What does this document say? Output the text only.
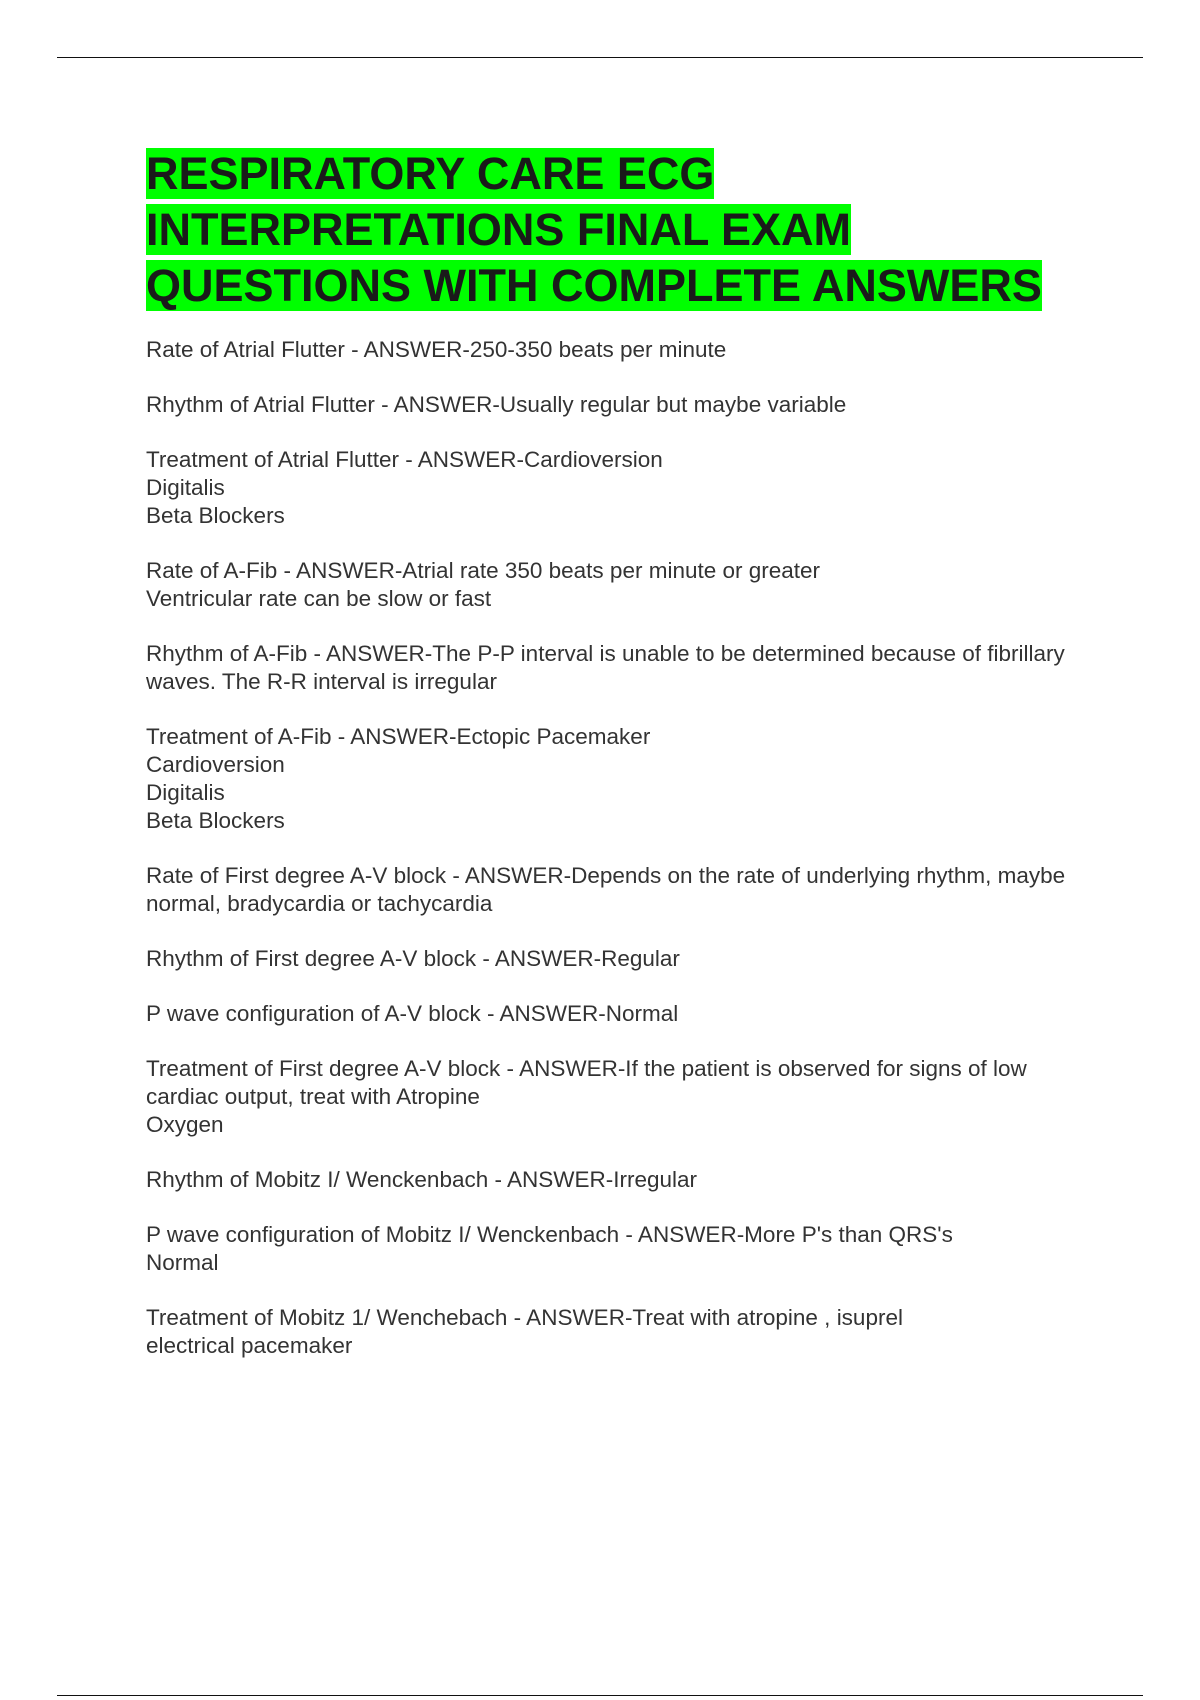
RESPIRATORY CARE ECG INTERPRETATIONS FINAL EXAM QUESTIONS WITH COMPLETE ANSWERS
Rate of Atrial Flutter - ANSWER-250-350 beats per minute
Rhythm of Atrial Flutter - ANSWER-Usually regular but maybe variable
Treatment of Atrial Flutter - ANSWER-Cardioversion
Digitalis
Beta Blockers
Rate of A-Fib - ANSWER-Atrial rate 350 beats per minute or greater
Ventricular rate can be slow or fast
Rhythm of A-Fib - ANSWER-The P-P interval is unable to be determined because of fibrillary waves. The R-R interval is irregular
Treatment of A-Fib - ANSWER-Ectopic Pacemaker
Cardioversion
Digitalis
Beta Blockers
Rate of First degree A-V block - ANSWER-Depends on the rate of underlying rhythm, maybe normal, bradycardia or tachycardia
Rhythm of First degree A-V block - ANSWER-Regular
P wave configuration of A-V block - ANSWER-Normal
Treatment of First degree A-V block - ANSWER-If the patient is observed for signs of low cardiac output, treat with Atropine
Oxygen
Rhythm of Mobitz I/ Wenckenbach - ANSWER-Irregular
P wave configuration of Mobitz I/ Wenckenbach - ANSWER-More P's than QRS's
Normal
Treatment of Mobitz 1/ Wenchebach - ANSWER-Treat with atropine , isuprel
electrical pacemaker
